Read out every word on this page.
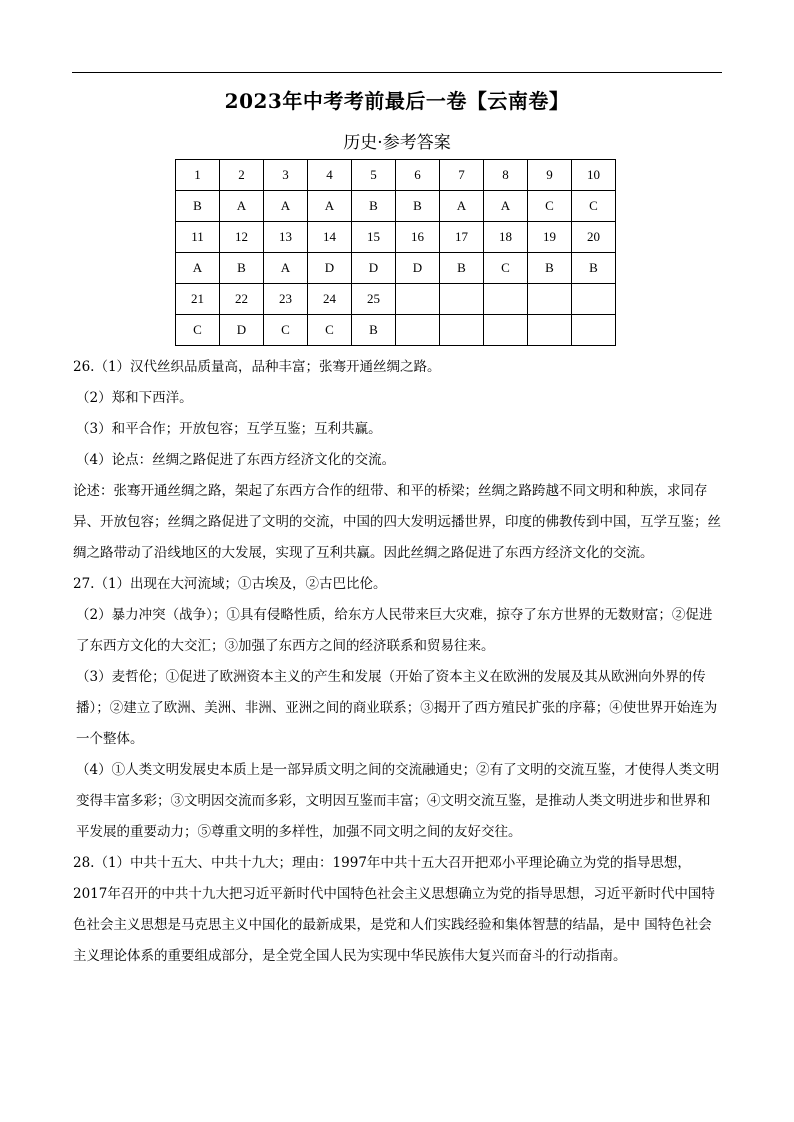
2023年中考考前最后一卷【云南卷】
历史·参考答案
1	2	3	4	5	6	7	8	9	10
B	A	A	A	B	B	A	A	C	C
11	12	13	14	15	16	17	18	19	20
A	B	A	D	D	D	B	C	B	B
21	22	23	24	25					
C	D	C	C	B					

26.（1）汉代丝织品质量高，品种丰富；张骞开通丝绸之路。

（2）郑和下西洋。

（3）和平合作；开放包容；互学互鉴；互利共赢。

（4）论点：丝绸之路促进了东西方经济文化的交流。

论述：张骞开通丝绸之路，架起了东西方合作的纽带、和平的桥梁；丝绸之路跨越不同文明和种族，求同存异、开放包容；丝绸之路促进了文明的交流，中国的四大发明远播世界，印度的佛教传到中国，互学互鉴；丝绸之路带动了沿线地区的大发展，实现了互利共赢。因此丝绸之路促进了东西方经济文化的交流。

27.（1）出现在大河流域；①古埃及，②古巴比伦。

（2）暴力冲突（战争）；①具有侵略性质，给东方人民带来巨大灾难，掠夺了东方世界的无数财富；②促进了东西方文化的大交汇；③加强了东西方之间的经济联系和贸易往来。

（3）麦哲伦；①促进了欧洲资本主义的产生和发展（开始了资本主义在欧洲的发展及其从欧洲向外界的传播）；②建立了欧洲、美洲、非洲、亚洲之间的商业联系；③揭开了西方殖民扩张的序幕；④使世界开始连为一个整体。

（4）①人类文明发展史本质上是一部异质文明之间的交流融通史；②有了文明的交流互鉴，才使得人类文明变得丰富多彩；③文明因交流而多彩，文明因互鉴而丰富；④文明交流互鉴，是推动人类文明进步和世界和平发展的重要动力；⑤尊重文明的多样性，加强不同文明之间的友好交往。

28.（1）中共十五大、中共十九大；理由：1997年中共十五大召开把邓小平理论确立为党的指导思想，2017年召开的中共十九大把习近平新时代中国特色社会主义思想确立为党的指导思想，习近平新时代中国特色社会主义思想是马克思主义中国化的最新成果，是党和人们实践经验和集体智慧的结晶，是中 国特色社会主义理论体系的重要组成部分，是全党全国人民为实现中华民族伟大复兴而奋斗的行动指南。
